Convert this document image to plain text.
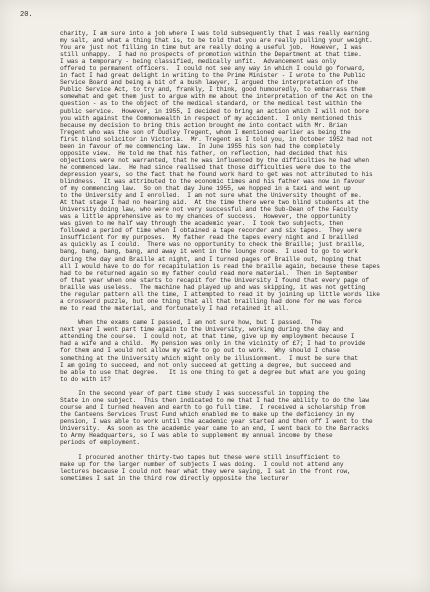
20.
charity, I am sure into a job where I was told subsequently that I was really earning
my salt, and what a thing that is, to be told that you are really pulling your weight.
You are just not filling in time but are really doing a useful job.  However, I was
still unhappy.  I had no prospects of promotion within the Department at that time.
I was a temporary - being classified, medically unfit.  Advancement was only
offered to permanent officers.  I could not see any way in which I could go forward,
in fact I had great delight in writing to the Prime Minister - I wrote to the Public
Service Board and being a bit of a bush lawyer, I argued the interpretation of the
Public Service Act, to try and, frankly, I think, good humouredly, to embarrass them
somewhat and get them just to argue with me about the interpretation of the Act on the
question - as to the object of the medical standard, or the medical test within the
public service.  However, in 1955, I decided to bring an action which I will not bore
you with against the Commonwealth in respect of my accident.  I only mentioned this
because my decision to bring this action brought me into contact with Mr. Brian
Tregent who was the son of Dudley Tregent, whom I mentioned earlier as being the
first blind solicitor in Victoria.  Mr. Tregent as I told you, in October 1952 had not
been in favour of me commencing law.  In June 1955 his son had the completely
opposite view.  He told me that his father, on reflection, had decided that his
objections were not warranted, that he was influenced by the difficulties he had when
he commenced law.  He had since realised that those difficulties were due to the
depression years, so the fact that he found work hard to get was not attributed to his
blindness.  It was attributed to the economic times and his father was now in favour
of my commencing law.  So on that day June 1955, we hopped in a taxi and went up
to the University and I enrolled.  I am not sure what the University thought of me.
At that stage I had no hearing aid.  At the time there were two blind students at the
University doing law, who were not very successful and the Sub-Dean of the Faculty
was a little apprehensive as to my chances of success.  However, the opportunity
was given to me half way through the academic year.  I took two subjects, then
followed a period of time when I obtained a tape recorder and six tapes.  They were
insufficient for my purposes.  My father read the tapes every night and I brailled
as quickly as I could.  There was no opportunity to check the Braille; just braille,
bang, bang, bang, bang, and away it went in the lounge room.  I used to go to work
during the day and Braille at night, and I turned pages of Braille out, hoping that
all I would have to do for recapitulation is read the braille again, because these tapes
had to be returned again so my father could read more material.  Then in September
of that year when one starts to recapit for the University I found that every page of
braille was useless.  The machine had played up and was skipping, it was not getting
the regular pattern all the time, I attempted to read it by joining up little words like
a crossword puzzle, but one thing that all that brailling had done for me was force
me to read the material, and fortunately I had retained it all.
When the exams came I passed, I am not sure how, but I passed.  The
next year I went part time again to the University, working during the day and
attending the course.  I could not, at that time, give up my employment because I
had a wife and a child.  My pension was only in the vicinity of £7; I had to provide
for them and I would not allow my wife to go out to work.  Why should I chase
something at the University which might only be illusionment.  I must be sure that
I am going to succeed, and not only succeed at getting a degree, but succeed and
be able to use that degree.   It is one thing to get a degree but what are you going
to do with it?
In the second year of part time study I was successful in topping the
State in one subject.  This then indicated to me that I had the ability to do the law
course and I turned heaven and earth to go full time.  I received a scholarship from
the Canteens Services Trust Fund which enabled me to make up the deficiency in my
pension, I was able to work until the academic year started and then off I went to the
University.  As soon as the academic year came to an end, I went back to the Barracks
to Army Headquarters, so I was able to supplement my annual income by these
periods of employment.
I procured another thirty-two tapes but these were still insufficient to
make up for the larger number of subjects I was doing.  I could not attend any
lectures because I could not hear what they were saying, I sat in the front row,
sometimes I sat in the third row directly opposite the lecturer
